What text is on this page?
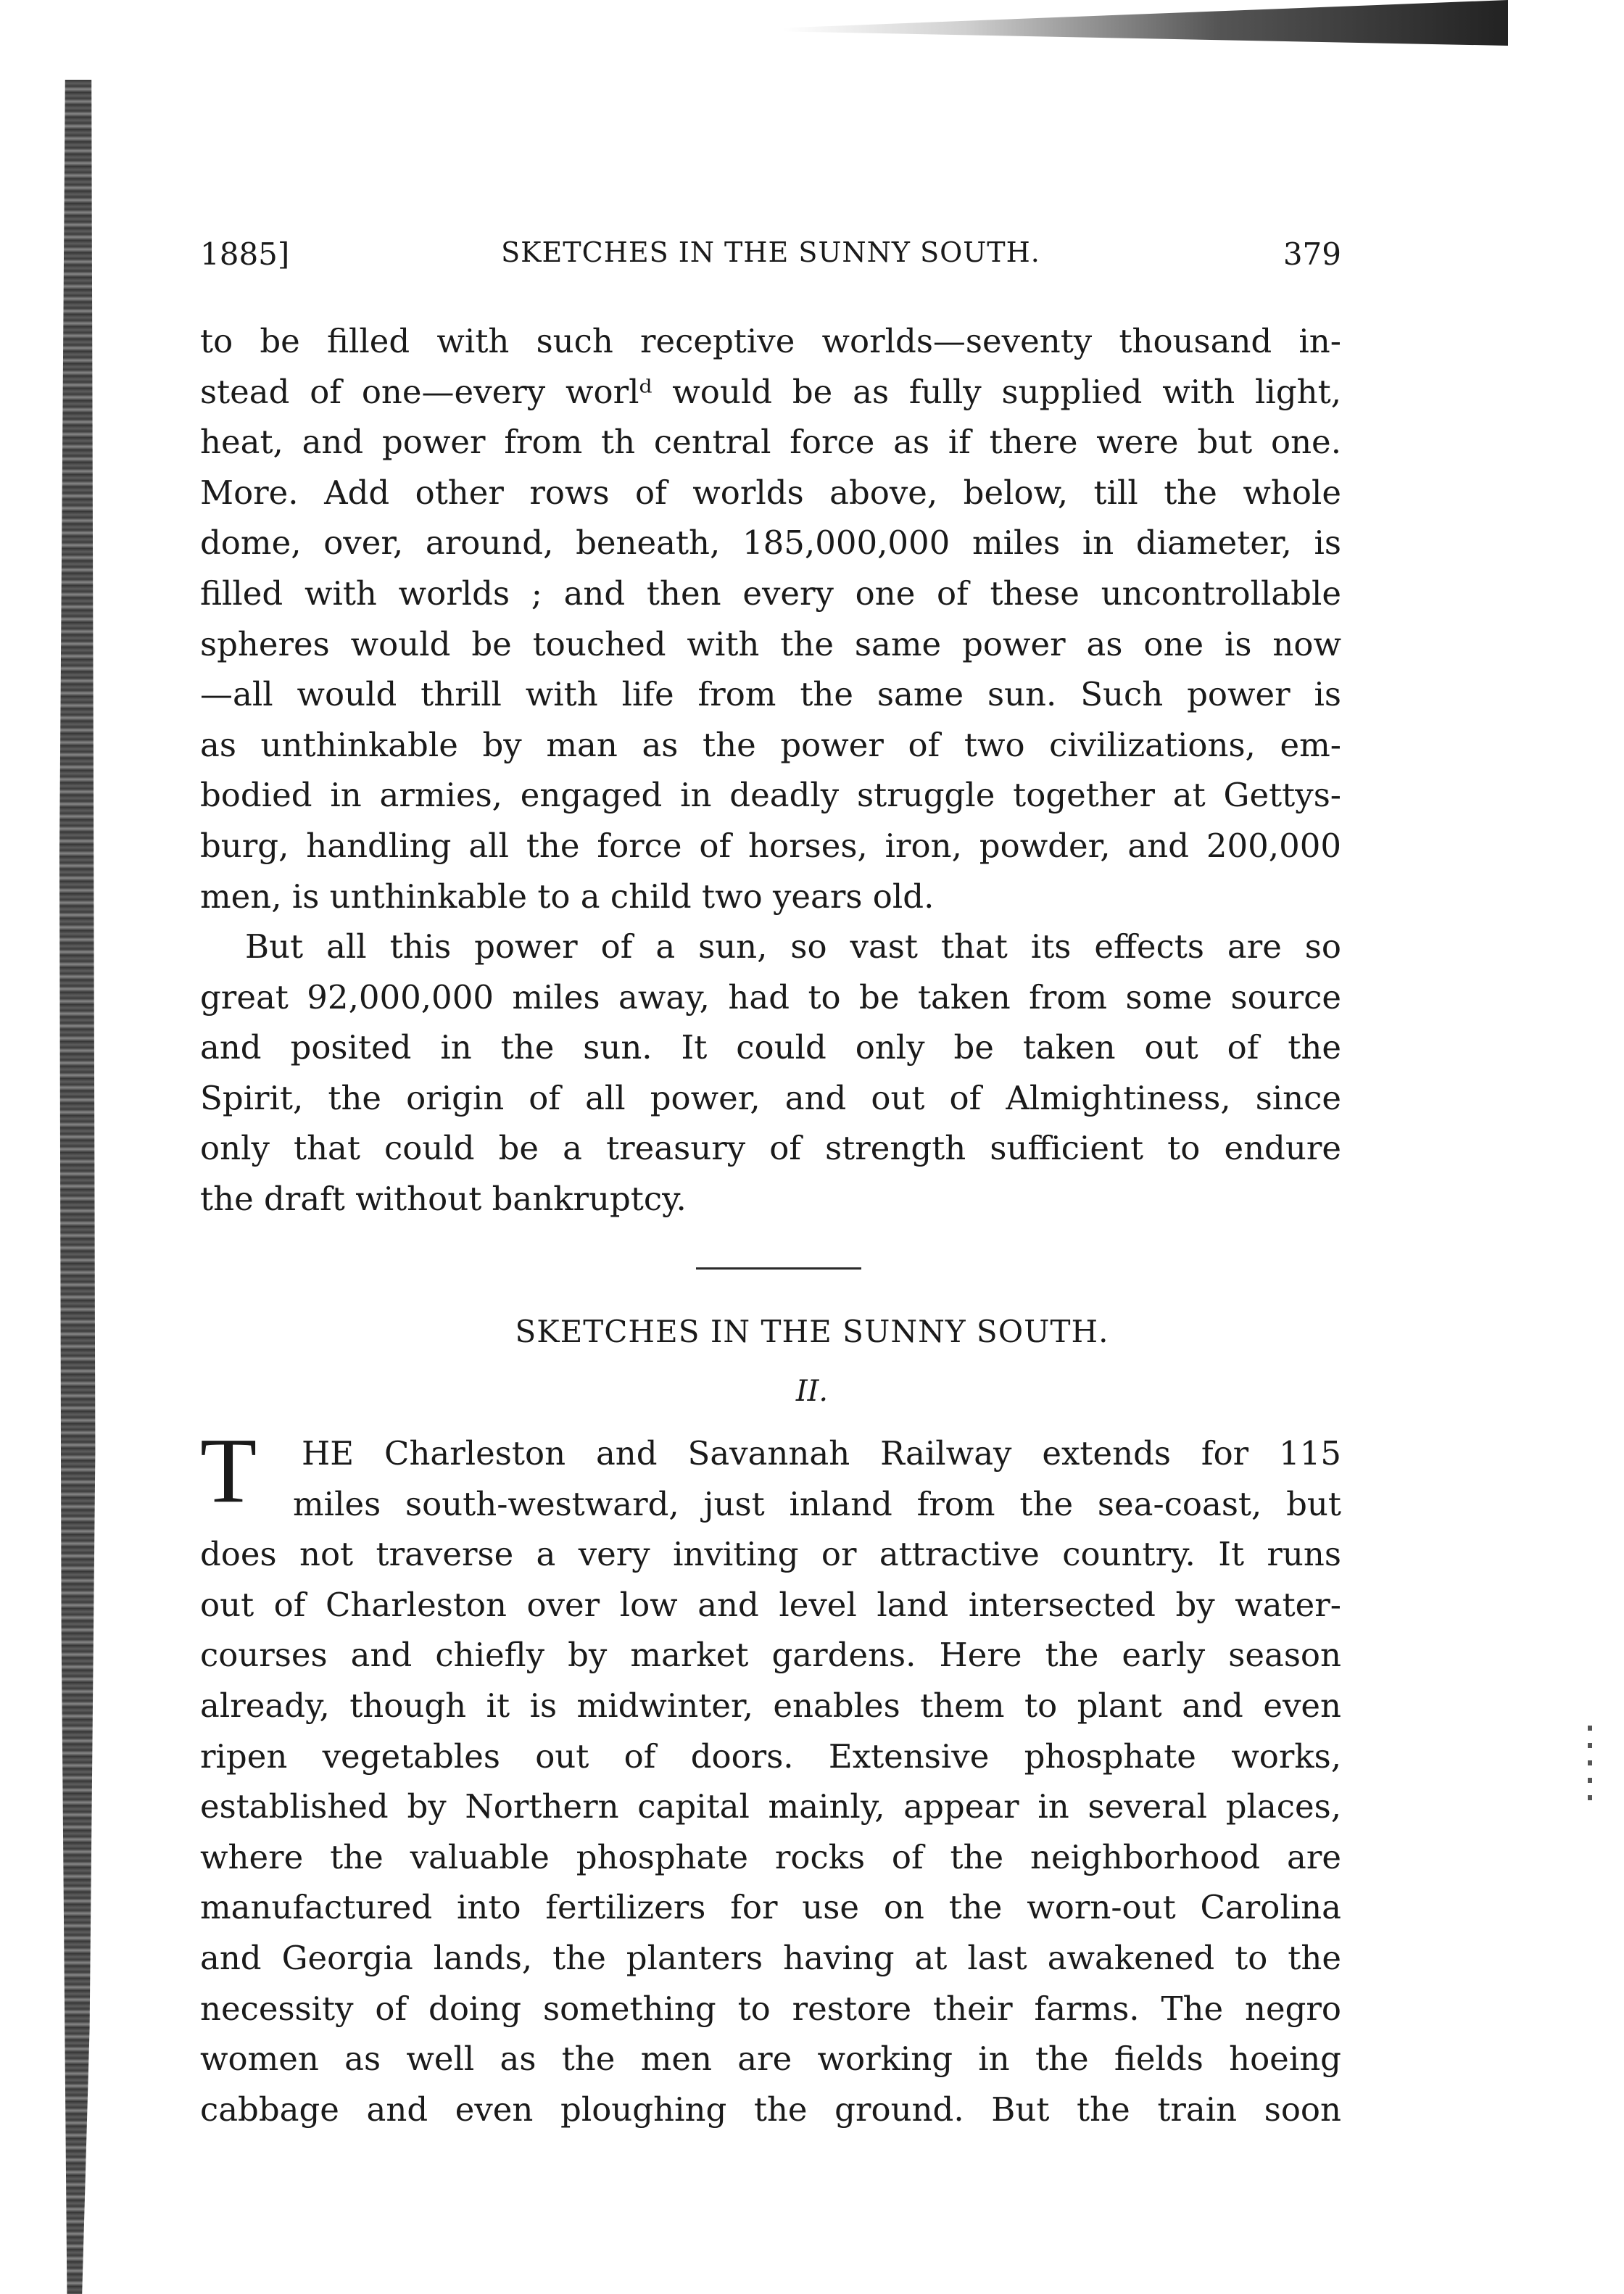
1885]	SKETCHES IN THE SUNNY SOUTH.	379
to be filled with such receptive worlds—seventy thousand in-
stead of one—every worlᵈ would be as fully supplied with light,
heat, and power from th central force as if there were but one.
More. Add other rows of worlds above, below, till the whole
dome, over, around, beneath, 185,000,000 miles in diameter, is
filled with worlds ; and then every one of these uncontrollable
spheres would be touched with the same power as one is now
—all would thrill with life from the same sun. Such power is
as unthinkable by man as the power of two civilizations, em-
bodied in armies, engaged in deadly struggle together at Gettys-
burg, handling all the force of horses, iron, powder, and 200,000
men, is unthinkable to a child two years old.
But all this power of a sun, so vast that its effects are so
great 92,000,000 miles away, had to be taken from some source
and posited in the sun. It could only be taken out of the
Spirit, the origin of all power, and out of Almightiness, since
only that could be a treasury of strength sufficient to endure
the draft without bankruptcy.
SKETCHES IN THE SUNNY SOUTH.
II.
T	HE Charleston and Savannah Railway extends for 115
miles south-westward, just inland from the sea-coast, but
does not traverse a very inviting or attractive country. It runs
out of Charleston over low and level land intersected by water-
courses and chiefly by market gardens. Here the early season
already, though it is midwinter, enables them to plant and even
ripen vegetables out of doors. Extensive phosphate works,
established by Northern capital mainly, appear in several places,
where the valuable phosphate rocks of the neighborhood are
manufactured into fertilizers for use on the worn-out Carolina
and Georgia lands, the planters having at last awakened to the
necessity of doing something to restore their farms. The negro
women as well as the men are working in the fields hoeing
cabbage and even ploughing the ground. But the train soon
